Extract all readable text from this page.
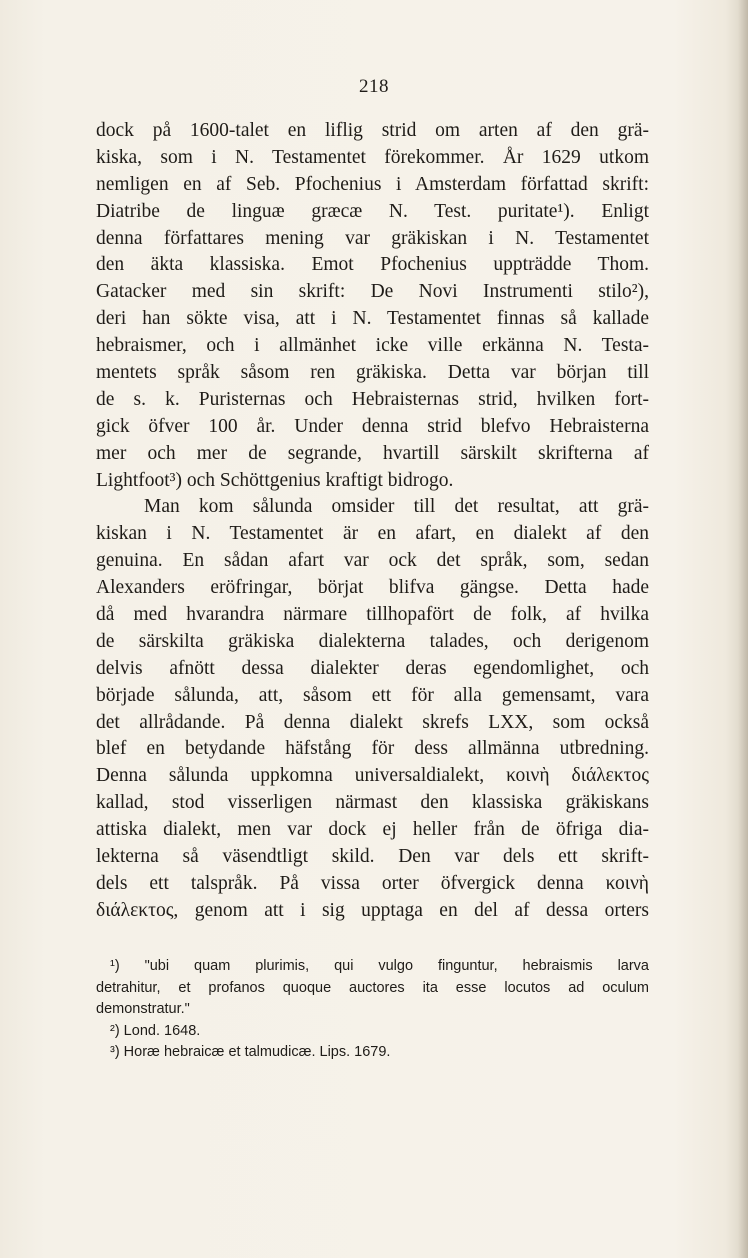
218
dock på 1600-talet en liflig strid om arten af den grä-
kiska, som i N. Testamentet förekommer. År 1629 utkom
nemligen en af Seb. Pfochenius i Amsterdam författad skrift:
Diatribe de linguæ græcæ N. Test. puritate¹). Enligt
denna författares mening var gräkiskan i N. Testamentet
den äkta klassiska. Emot Pfochenius uppträdde Thom.
Gatacker med sin skrift: De Novi Instrumenti stilo²),
deri han sökte visa, att i N. Testamentet finnas så kallade
hebraismer, och i allmänhet icke ville erkänna N. Testa-
mentets språk såsom ren gräkiska. Detta var början till
de s. k. Puristernas och Hebraisternas strid, hvilken fort-
gick öfver 100 år. Under denna strid blefvo Hebraisterna
mer och mer de segrande, hvartill särskilt skrifterna af
Lightfoot³) och Schöttgenius kraftigt bidrogo.
Man kom sålunda omsider till det resultat, att grä-
kiskan i N. Testamentet är en afart, en dialekt af den
genuina. En sådan afart var ock det språk, som, sedan
Alexanders eröfringar, börjat blifva gängse. Detta hade
då med hvarandra närmare tillhopafört de folk, af hvilka
de särskilta gräkiska dialekterna talades, och derigenom
delvis afnött dessa dialekter deras egendomlighet, och
började sålunda, att, såsom ett för alla gemensamt, vara
det allrådande. På denna dialekt skrefs LXX, som också
blef en betydande häfstång för dess allmänna utbredning.
Denna sålunda uppkomna universaldialekt, κοινὴ διάλεκτος
kallad, stod visserligen närmast den klassiska gräkiskans
attiska dialekt, men var dock ej heller från de öfriga dia-
lekterna så väsendtligt skild. Den var dels ett skrift-
dels ett talspråk. På vissa orter öfvergick denna κοινὴ
διάλεκτος, genom att i sig upptaga en del af dessa orters
¹) "ubi quam plurimis, qui vulgo finguntur, hebraismis larva
detrahitur, et profanos quoque auctores ita esse locutos ad oculum
demonstratur."
²) Lond. 1648.
³) Horæ hebraicæ et talmudicæ. Lips. 1679.
